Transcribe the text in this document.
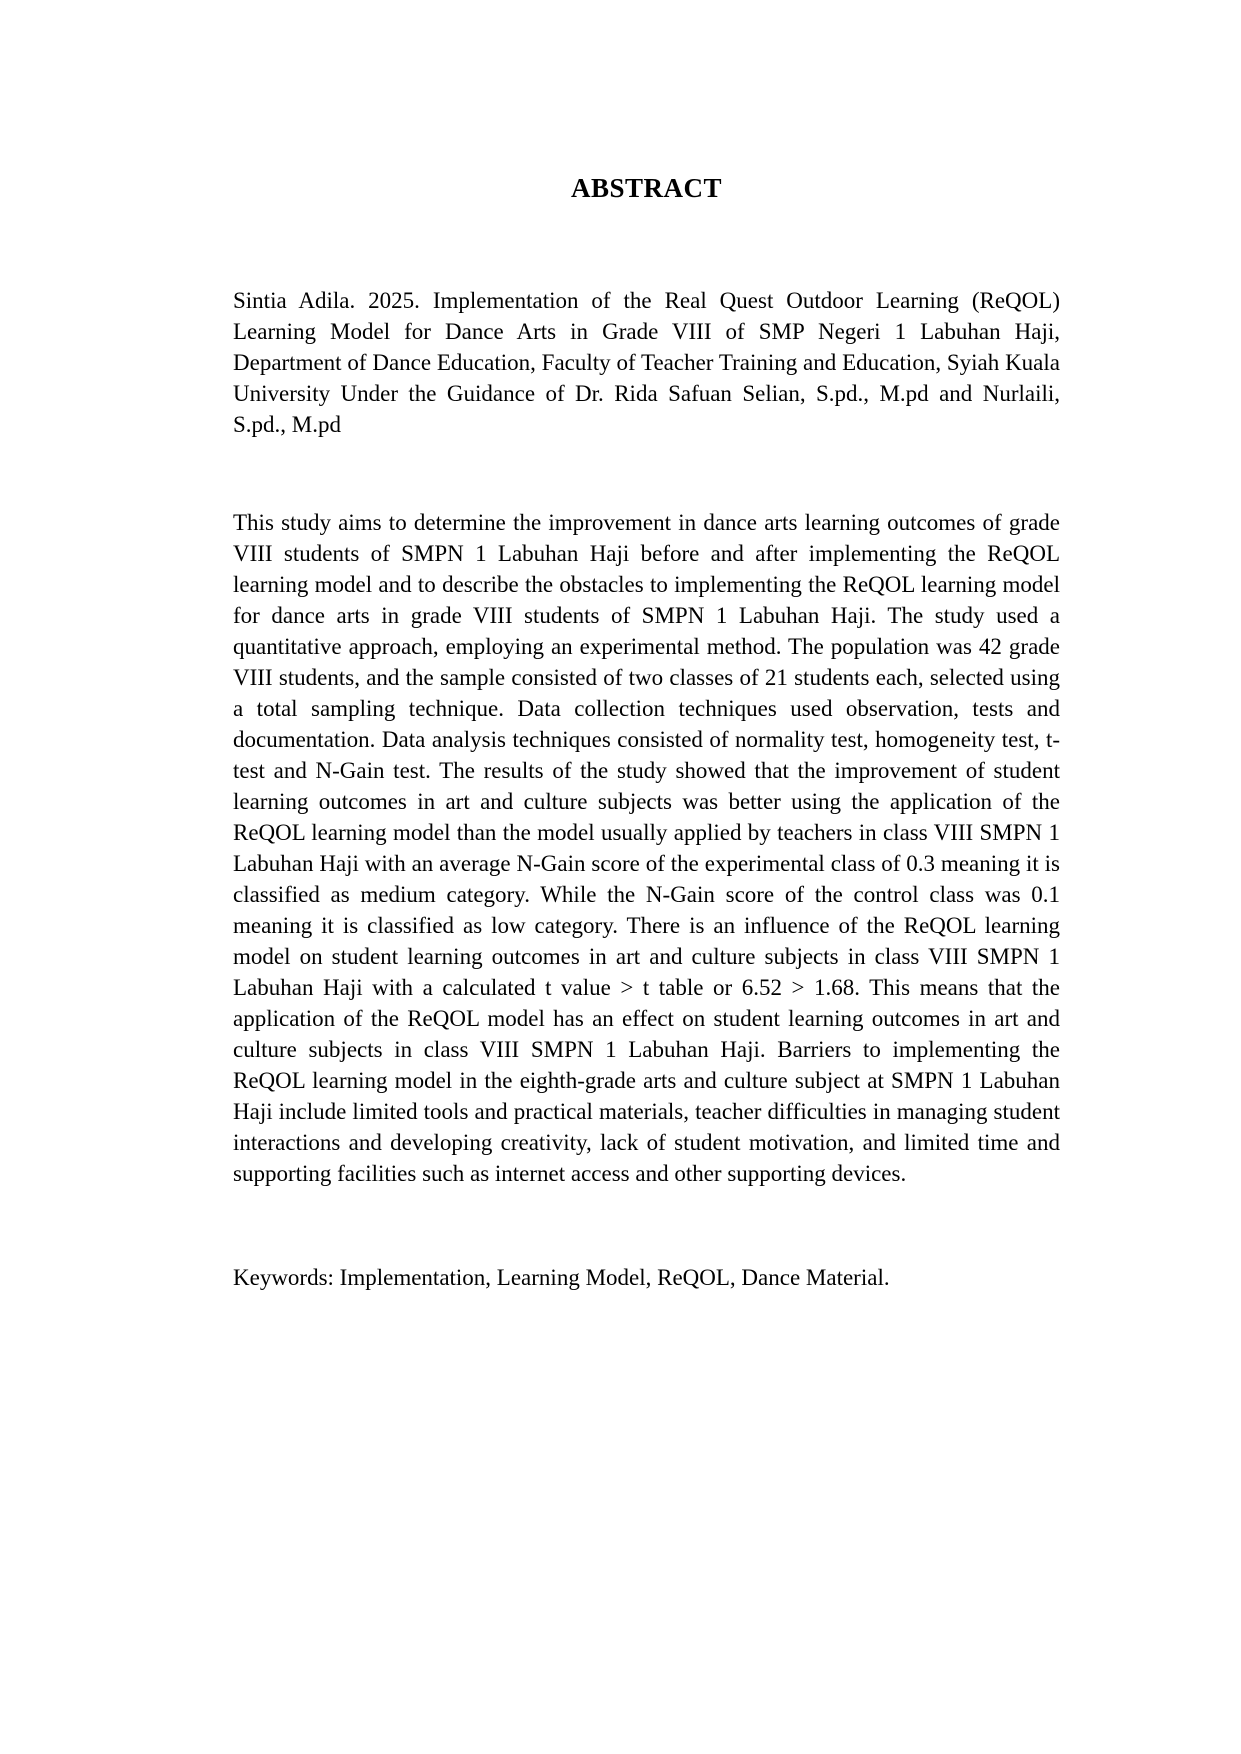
ABSTRACT

Sintia Adila. 2025. Implementation of the Real Quest Outdoor Learning (ReQOL) Learning Model for Dance Arts in Grade VIII of SMP Negeri 1 Labuhan Haji, Department of Dance Education, Faculty of Teacher Training and Education, Syiah Kuala University Under the Guidance of Dr. Rida Safuan Selian, S.pd., M.pd and Nurlaili, S.pd., M.pd

This study aims to determine the improvement in dance arts learning outcomes of grade VIII students of SMPN 1 Labuhan Haji before and after implementing the ReQOL learning model and to describe the obstacles to implementing the ReQOL learning model for dance arts in grade VIII students of SMPN 1 Labuhan Haji. The study used a quantitative approach, employing an experimental method. The population was 42 grade VIII students, and the sample consisted of two classes of 21 students each, selected using a total sampling technique. Data collection techniques used observation, tests and documentation. Data analysis techniques consisted of normality test, homogeneity test, t-test and N-Gain test. The results of the study showed that the improvement of student learning outcomes in art and culture subjects was better using the application of the ReQOL learning model than the model usually applied by teachers in class VIII SMPN 1 Labuhan Haji with an average N-Gain score of the experimental class of 0.3 meaning it is classified as medium category. While the N-Gain score of the control class was 0.1 meaning it is classified as low category. There is an influence of the ReQOL learning model on student learning outcomes in art and culture subjects in class VIII SMPN 1 Labuhan Haji with a calculated t value > t table or 6.52 > 1.68. This means that the application of the ReQOL model has an effect on student learning outcomes in art and culture subjects in class VIII SMPN 1 Labuhan Haji. Barriers to implementing the ReQOL learning model in the eighth-grade arts and culture subject at SMPN 1 Labuhan Haji include limited tools and practical materials, teacher difficulties in managing student interactions and developing creativity, lack of student motivation, and limited time and supporting facilities such as internet access and other supporting devices.

Keywords: Implementation, Learning Model, ReQOL, Dance Material.
